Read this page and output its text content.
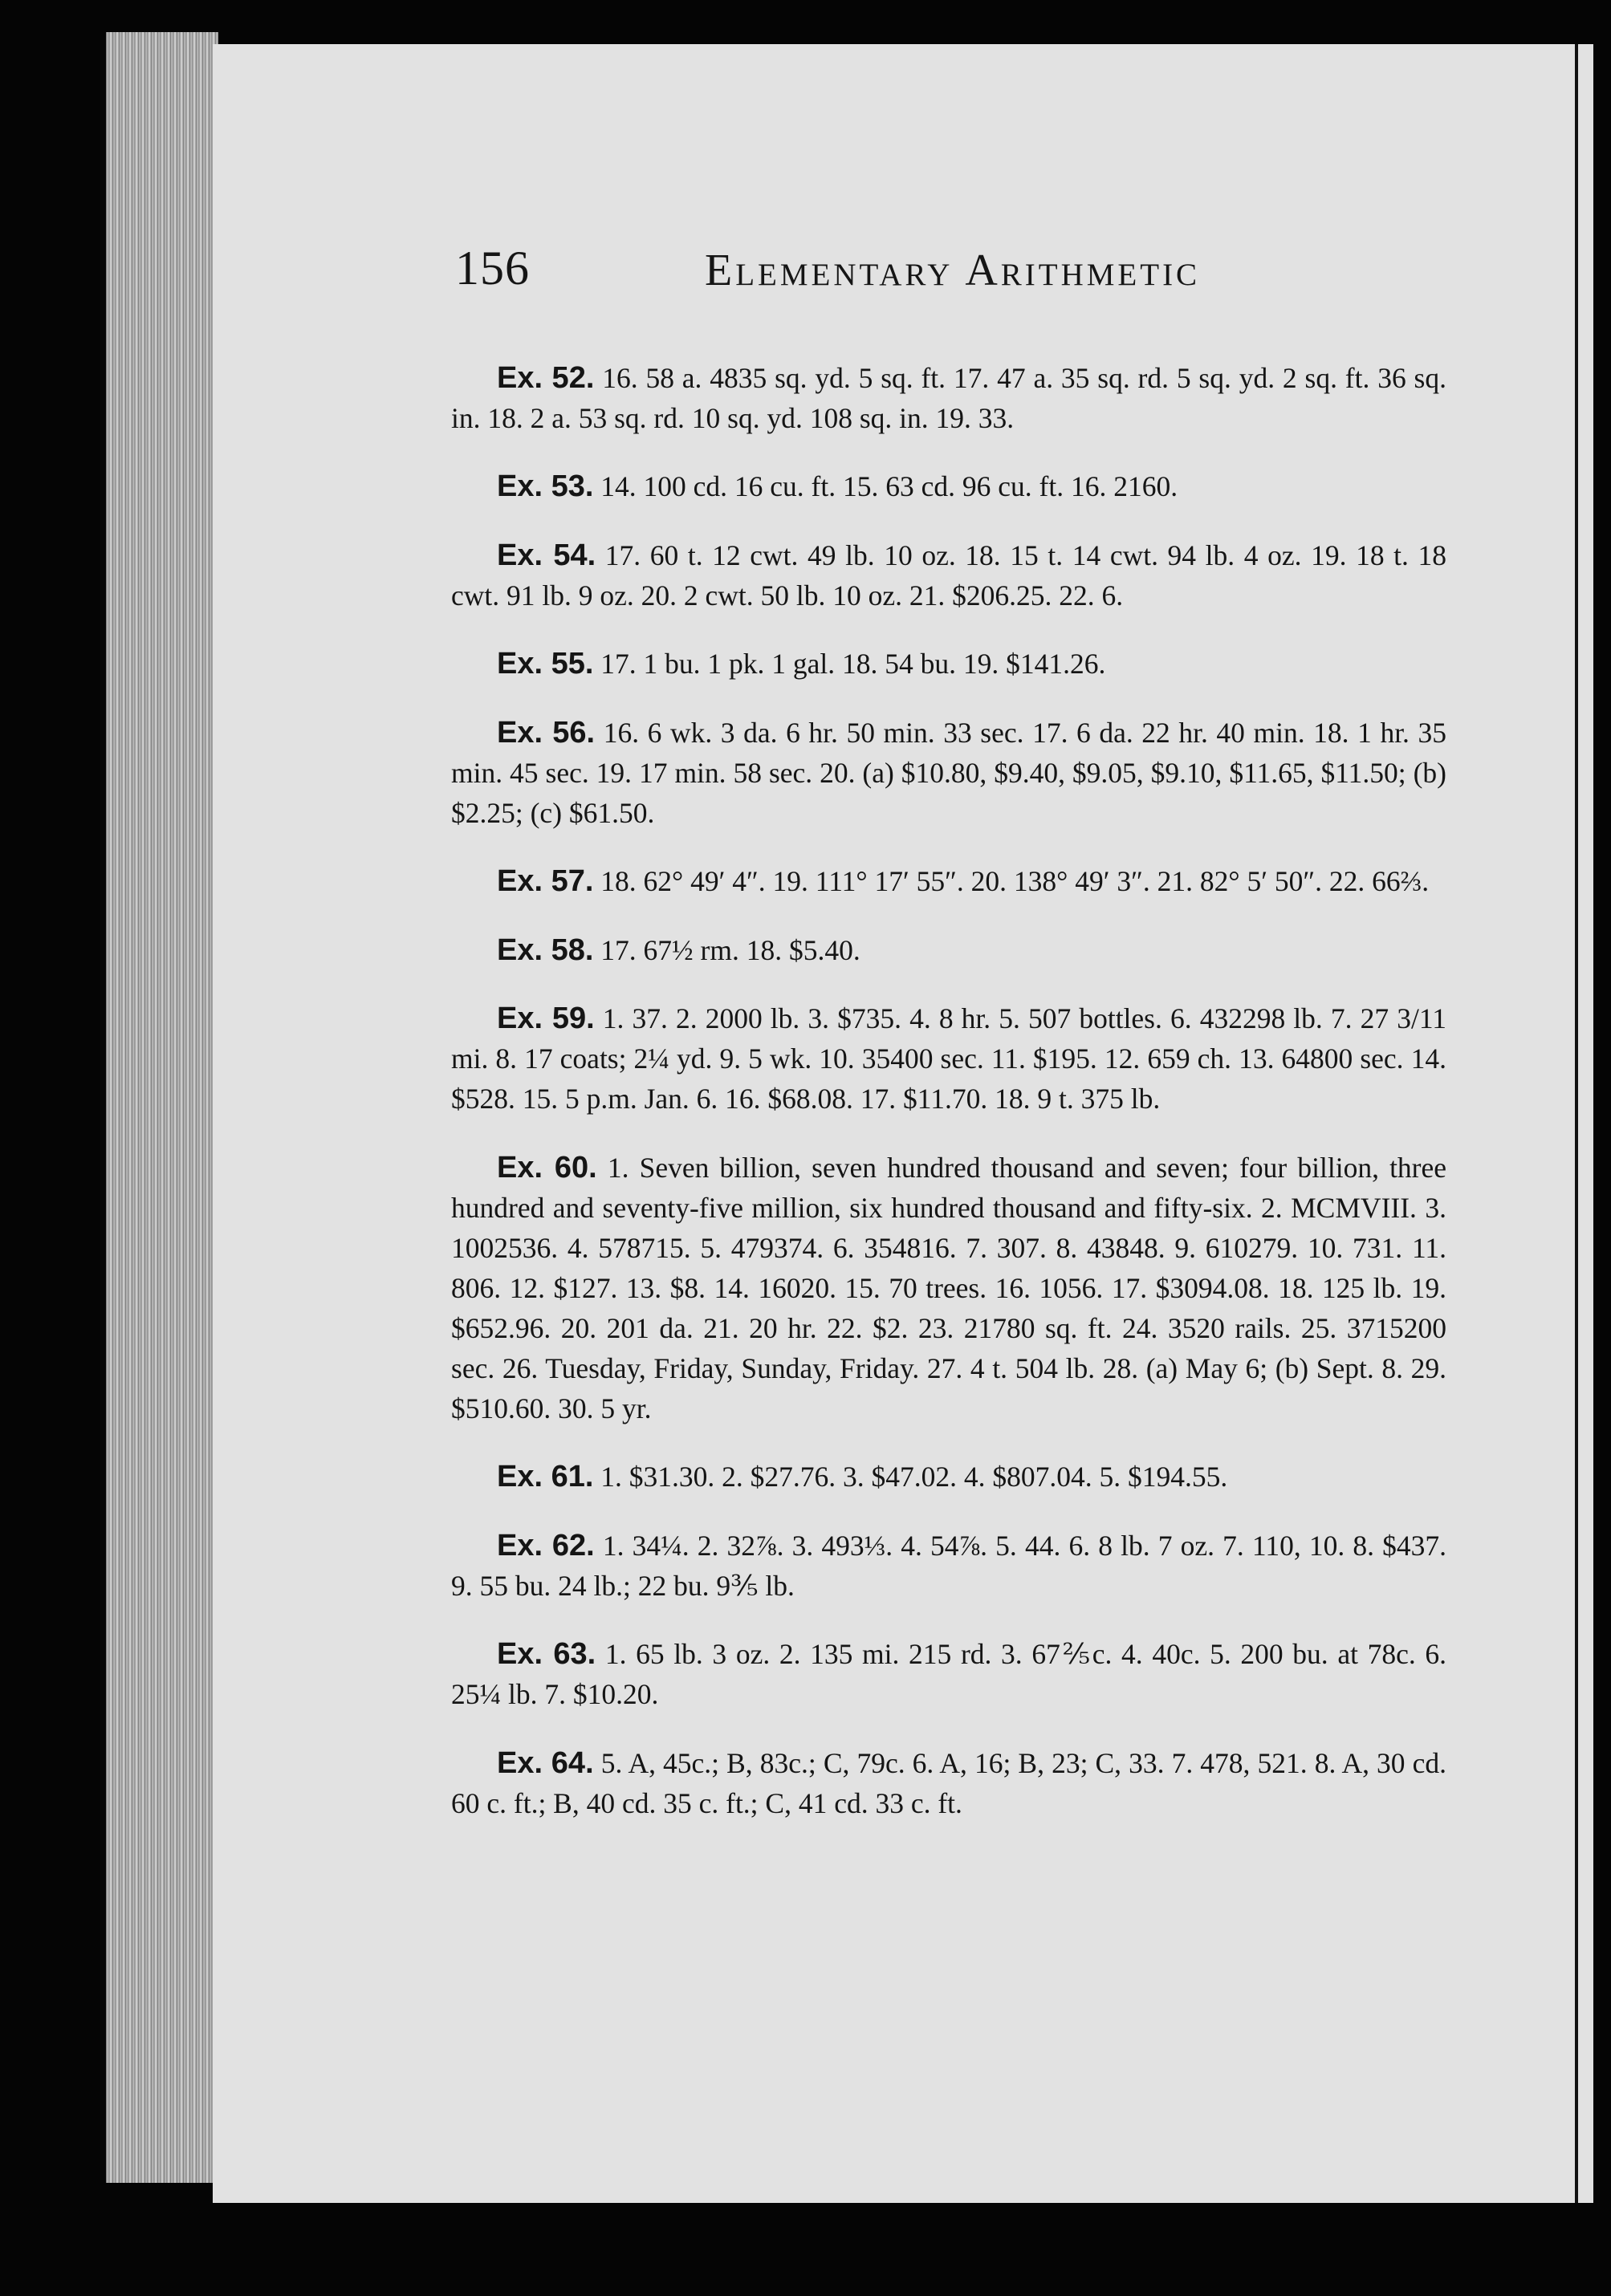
156	Elementary Arithmetic

Ex. 52. 16. 58 a. 4835 sq. yd. 5 sq. ft. 17. 47 a. 35 sq. rd. 5 sq. yd. 2 sq. ft. 36 sq. in. 18. 2 a. 53 sq. rd. 10 sq. yd. 108 sq. in. 19. 33.

Ex. 53. 14. 100 cd. 16 cu. ft. 15. 63 cd. 96 cu. ft. 16. 2160.

Ex. 54. 17. 60 t. 12 cwt. 49 lb. 10 oz. 18. 15 t. 14 cwt. 94 lb. 4 oz. 19. 18 t. 18 cwt. 91 lb. 9 oz. 20. 2 cwt. 50 lb. 10 oz. 21. $206.25. 22. 6.

Ex. 55. 17. 1 bu. 1 pk. 1 gal. 18. 54 bu. 19. $141.26.

Ex. 56. 16. 6 wk. 3 da. 6 hr. 50 min. 33 sec. 17. 6 da. 22 hr. 40 min. 18. 1 hr. 35 min. 45 sec. 19. 17 min. 58 sec. 20. (a) $10.80, $9.40, $9.05, $9.10, $11.65, $11.50; (b) $2.25; (c) $61.50.

Ex. 57. 18. 62° 49′ 4″. 19. 111° 17′ 55″. 20. 138° 49′ 3″. 21. 82° 5′ 50″. 22. 66⅔.

Ex. 58. 17. 67½ rm. 18. $5.40.

Ex. 59. 1. 37. 2. 2000 lb. 3. $735. 4. 8 hr. 5. 507 bottles. 6. 432298 lb. 7. 27 3/11 mi. 8. 17 coats; 2¼ yd. 9. 5 wk. 10. 35400 sec. 11. $195. 12. 659 ch. 13. 64800 sec. 14. $528. 15. 5 p.m. Jan. 6. 16. $68.08. 17. $11.70. 18. 9 t. 375 lb.

Ex. 60. 1. Seven billion, seven hundred thousand and seven; four billion, three hundred and seventy-five million, six hundred thousand and fifty-six. 2. MCMVIII. 3. 1002536. 4. 578715. 5. 479374. 6. 354816. 7. 307. 8. 43848. 9. 610279. 10. 731. 11. 806. 12. $127. 13. $8. 14. 16020. 15. 70 trees. 16. 1056. 17. $3094.08. 18. 125 lb. 19. $652.96. 20. 201 da. 21. 20 hr. 22. $2. 23. 21780 sq. ft. 24. 3520 rails. 25. 3715200 sec. 26. Tuesday, Friday, Sunday, Friday. 27. 4 t. 504 lb. 28. (a) May 6; (b) Sept. 8. 29. $510.60. 30. 5 yr.

Ex. 61. 1. $31.30. 2. $27.76. 3. $47.02. 4. $807.04. 5. $194.55.

Ex. 62. 1. 34¼. 2. 32⅞. 3. 493⅓. 4. 54⅞. 5. 44. 6. 8 lb. 7 oz. 7. 110, 10. 8. $437. 9. 55 bu. 24 lb.; 22 bu. 9⅗ lb.

Ex. 63. 1. 65 lb. 3 oz. 2. 135 mi. 215 rd. 3. 67⅖c. 4. 40c. 5. 200 bu. at 78c. 6. 25¼ lb. 7. $10.20.

Ex. 64. 5. A, 45c.; B, 83c.; C, 79c. 6. A, 16; B, 23; C, 33. 7. 478, 521. 8. A, 30 cd. 60 c. ft.; B, 40 cd. 35 c. ft.; C, 41 cd. 33 c. ft.
